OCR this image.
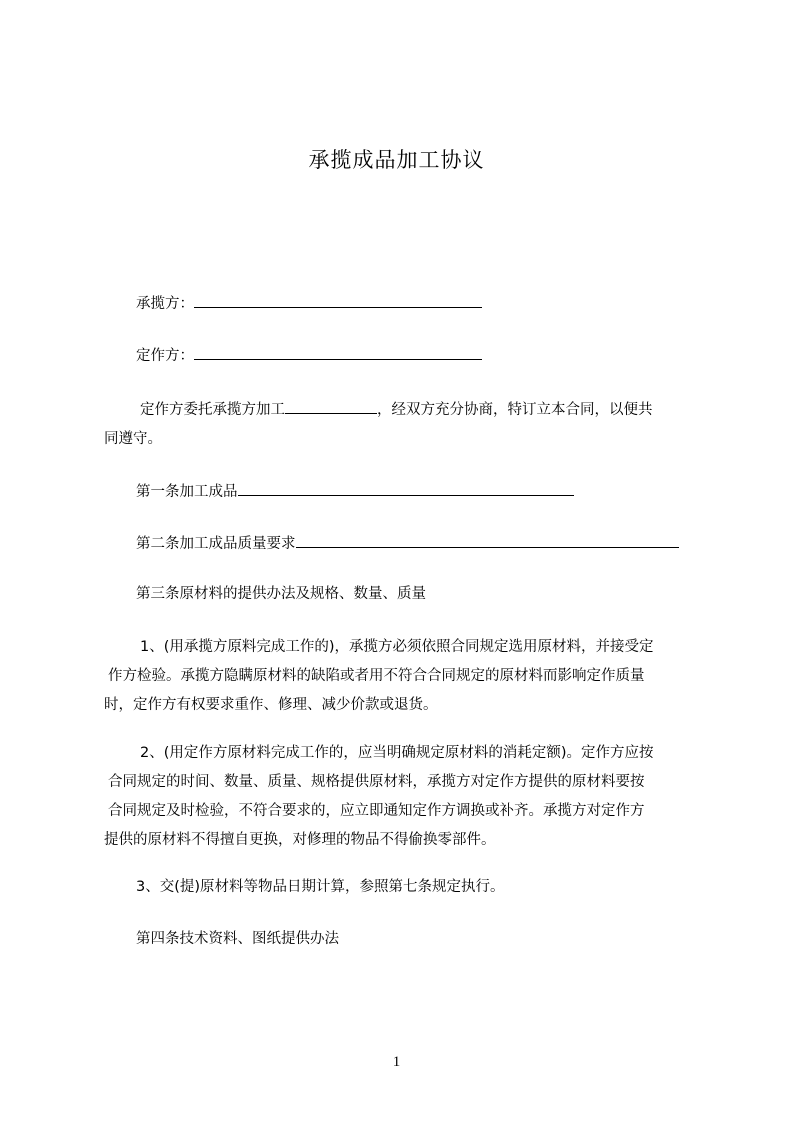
承揽成品加工协议
承揽方：
定作方：
定作方委托承揽方加工	，经双方充分协商，特订立本合同，以便共
同遵守。
第一条加工成品
第二条加工成品质量要求
第三条原材料的提供办法及规格、数量、质量
1、(用承揽方原料完成工作的)，承揽方必须依照合同规定选用原材料，并接受定
作方检验。承揽方隐瞒原材料的缺陷或者用不符合合同规定的原材料而影响定作质量
时，定作方有权要求重作、修理、减少价款或退货。
2、(用定作方原材料完成工作的，应当明确规定原材料的消耗定额)。定作方应按
合同规定的时间、数量、质量、规格提供原材料，承揽方对定作方提供的原材料要按
合同规定及时检验，不符合要求的，应立即通知定作方调换或补齐。承揽方对定作方
提供的原材料不得擅自更换，对修理的物品不得偷换零部件。
3、交(提)原材料等物品日期计算，参照第七条规定执行。
第四条技术资料、图纸提供办法
1
